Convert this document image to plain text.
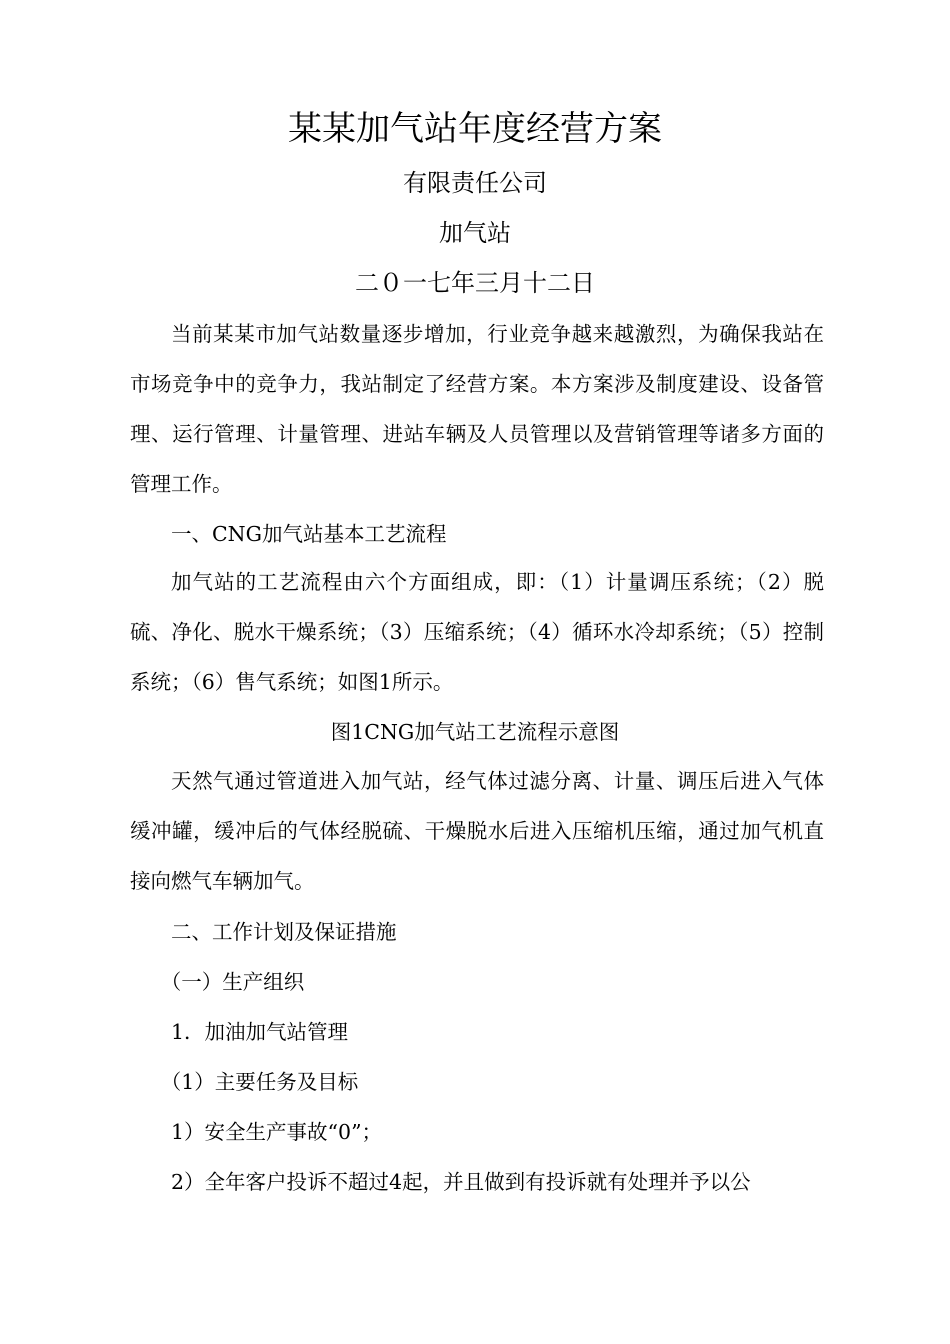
某某加气站年度经营方案
有限责任公司
加气站
二０一七年三月十二日

当前某某市加气站数量逐步增加，行业竞争越来越激烈，为确保我站在市场竞争中的竞争力，我站制定了经营方案。本方案涉及制度建设、设备管理、运行管理、计量管理、进站车辆及人员管理以及营销管理等诸多方面的管理工作。

一、CNG加气站基本工艺流程

加气站的工艺流程由六个方面组成，即：（1）计量调压系统；（2）脱硫、净化、脱水干燥系统；（3）压缩系统；（4）循环水冷却系统；（5）控制系统；（6）售气系统；如图1所示。

图1CNG加气站工艺流程示意图

天然气通过管道进入加气站，经气体过滤分离、计量、调压后进入气体缓冲罐，缓冲后的气体经脱硫、干燥脱水后进入压缩机压缩，通过加气机直接向燃气车辆加气。

二、工作计划及保证措施

（一）生产组织

1．加油加气站管理

（1）主要任务及目标

1）安全生产事故“0”；

2）全年客户投诉不超过4起，并且做到有投诉就有处理并予以公
